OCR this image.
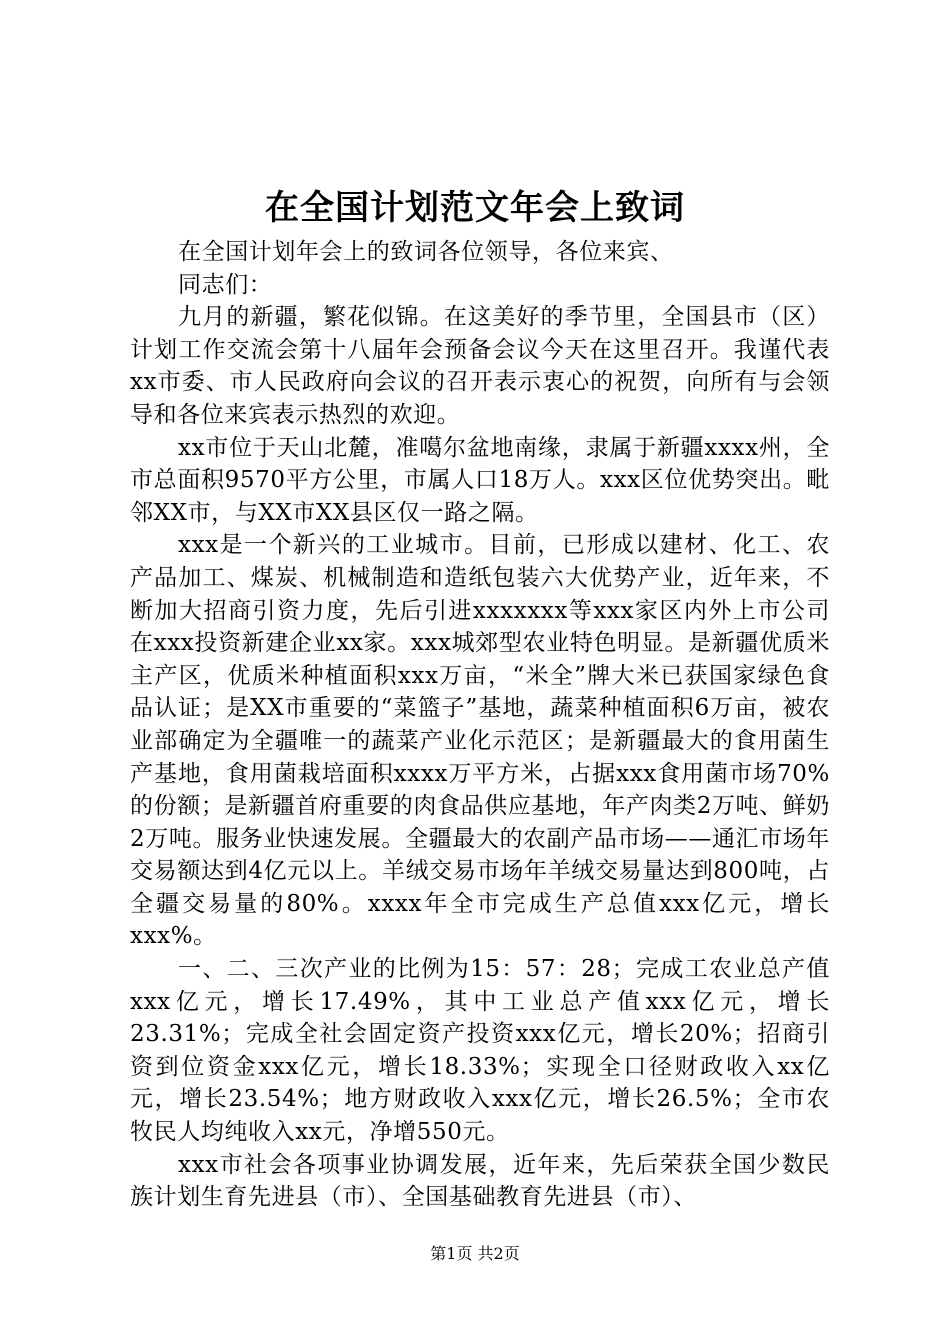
在全国计划范文年会上致词

在全国计划年会上的致词各位领导，各位来宾、

同志们：

九月的新疆，繁花似锦。在这美好的季节里，全国县市（区）计划工作交流会第十八届年会预备会议今天在这里召开。我谨代表xx市委、市人民政府向会议的召开表示衷心的祝贺，向所有与会领导和各位来宾表示热烈的欢迎。

xx市位于天山北麓，准噶尔盆地南缘，隶属于新疆xxxx州，全市总面积9570平方公里，市属人口18万人。xxx区位优势突出。毗邻XX市，与XX市XX县区仅一路之隔。

xxx是一个新兴的工业城市。目前，已形成以建材、化工、农产品加工、煤炭、机械制造和造纸包装六大优势产业，近年来，不断加大招商引资力度，先后引进xxxxxxx等xxx家区内外上市公司在xxx投资新建企业xx家。xxx城郊型农业特色明显。是新疆优质米主产区，优质米种植面积xxx万亩，“米全”牌大米已获国家绿色食品认证；是XX市重要的“菜篮子”基地，蔬菜种植面积6万亩，被农业部确定为全疆唯一的蔬菜产业化示范区；是新疆最大的食用菌生产基地，食用菌栽培面积xxxx万平方米，占据xxx食用菌市场70%的份额；是新疆首府重要的肉食品供应基地，年产肉类2万吨、鲜奶2万吨。服务业快速发展。全疆最大的农副产品市场——通汇市场年交易额达到4亿元以上。羊绒交易市场年羊绒交易量达到800吨，占全疆交易量的80%。xxxx年全市完成生产总值xxx亿元，增长xxx%。

一、二、三次产业的比例为15：57：28；完成工农业总产值xxx亿元，增长17.49%，其中工业总产值xxx亿元，增长23.31%；完成全社会固定资产投资xxx亿元，增长20%；招商引资到位资金xxx亿元，增长18.33%；实现全口径财政收入xx亿元，增长23.54%；地方财政收入xxx亿元，增长26.5%；全市农牧民人均纯收入xx元，净增550元。

xxx市社会各项事业协调发展，近年来，先后荣获全国少数民族计划生育先进县（市）、全国基础教育先进县（市）、

第1页 共2页
